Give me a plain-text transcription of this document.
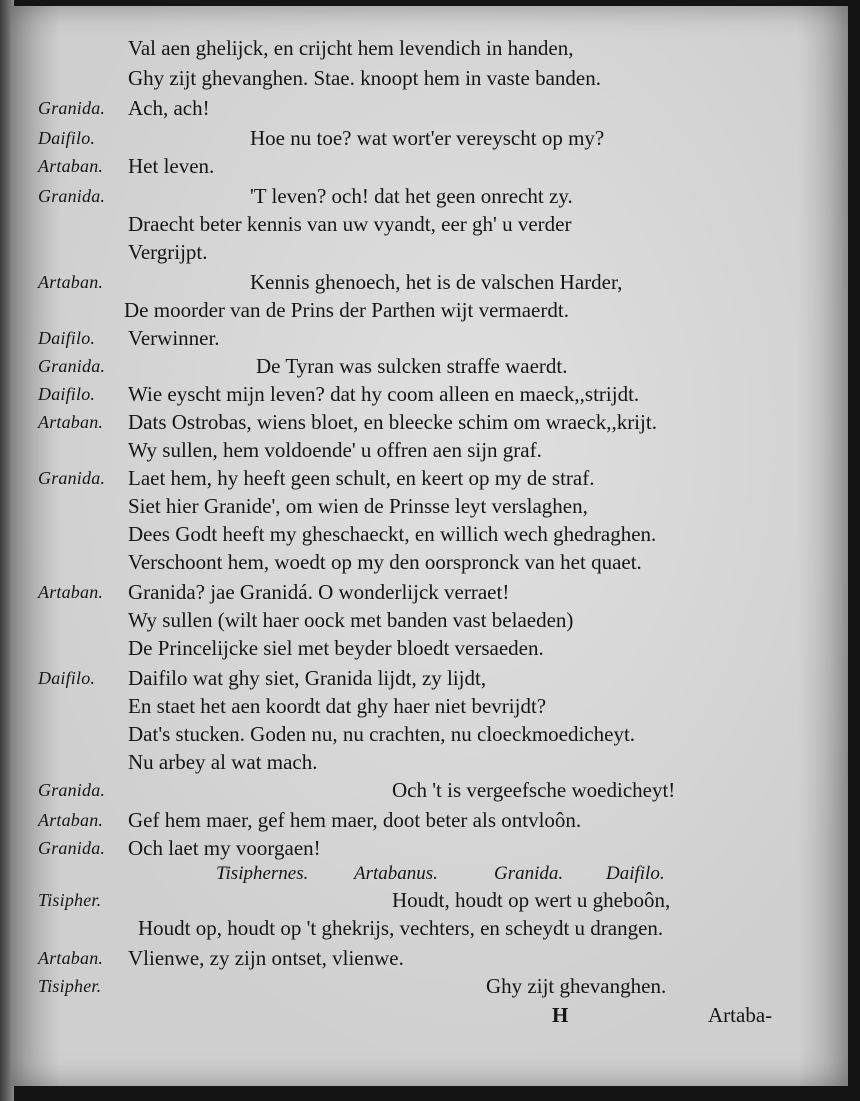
Val aen ghelijck, en crijcht hem levendich in handen,
Ghy zijt ghevanghen. Stae. knoopt hem in vaste banden.
Granida. Ach, ach!
Daifilo.	Hoe nu toe? wat wort'er vereyscht op my?
Artaban. Het leven.
Granida.	'T leven? och! dat het geen onrecht zy.
Draecht beter kennis van uw vyandt, eer gh' u verder
Vergrijpt.
Artaban.	Kennis ghenoech, het is de valschen Harder,
De moorder van de Prins der Parthen wijt vermaerdt.
Daifilo. Verwinner.
Granida.	De Tyran was sulcken straffe waerdt.
Daifilo. Wie eyscht mijn leven? dat hy coom alleen en maeck,,strijdt.
Artaban. Dats Ostrobas, wiens bloet, en bleecke schim om wraeck,,krijt.
Wy sullen, hem voldoende' u offren aen sijn graf.
Granida. Laet hem, hy heeft geen schult, en keert op my de straf.
Siet hier Granide', om wien de Prinsse leyt verslaghen,
Dees Godt heeft my gheschaeckt, en willich wech ghedraghen.
Verschoont hem, woedt op my den oorspronck van het quaet.
Artaban. Granida? jae Granidá. O wonderlijck verraet!
Wy sullen (wilt haer oock met banden vast belaeden)
De Princelijcke siel met beyder bloedt versaeden.
Daifilo. Daifilo wat ghy siet, Granida lijdt, zy lijdt,
En staet het aen koordt dat ghy haer niet bevrijdt?
Dat's stucken. Goden nu, nu crachten, nu cloeckmoedicheyt.
Nu arbey al wat mach.
Granida.	Och 't is vergeefsche woedicheyt!
Artaban. Gef hem maer, gef hem maer, doot beter als ontvloôn.
Granida. Och laet my voorgaen!
Tisiphernes. Artabanus.	Granida. Daifilo.
Tisipher.	Houdt, houdt op wert u gheboôn,
Houdt op, houdt op 't ghekrijs, vechters, en scheydt u drangen.
Artaban. Vlienwe, zy zijn ontset, vlienwe.
Tisipher.	Ghy zijt ghevanghen.
H	Artaba-
